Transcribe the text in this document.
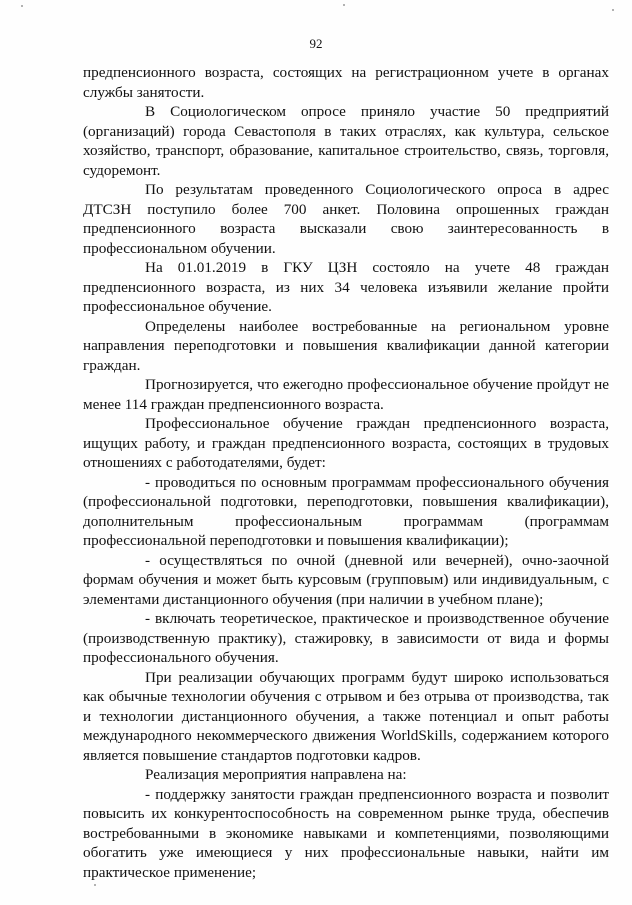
92

предпенсионного возраста, состоящих на регистрационном учете в органах службы занятости.

В Социологическом опросе приняло участие 50 предприятий (организаций) города Севастополя в таких отраслях, как культура, сельское хозяйство, транспорт, образование, капитальное строительство, связь, торговля, судоремонт.

По результатам проведенного Социологического опроса в адрес ДТСЗН поступило более 700 анкет. Половина опрошенных граждан предпенсионного возраста высказали свою заинтересованность в профессиональном обучении.

На 01.01.2019 в ГКУ ЦЗН состояло на учете 48 граждан предпенсионного возраста, из них 34 человека изъявили желание пройти профессиональное обучение.

Определены наиболее востребованные на региональном уровне направления переподготовки и повышения квалификации данной категории граждан.

Прогнозируется, что ежегодно профессиональное обучение пройдут не менее 114 граждан предпенсионного возраста.

Профессиональное обучение граждан предпенсионного возраста, ищущих работу, и граждан предпенсионного возраста, состоящих в трудовых отношениях с работодателями, будет:

- проводиться по основным программам профессионального обучения (профессиональной подготовки, переподготовки, повышения квалификации), дополнительным профессиональным программам (программам профессиональной переподготовки и повышения квалификации);

- осуществляться по очной (дневной или вечерней), очно-заочной формам обучения и может быть курсовым (групповым) или индивидуальным, с элементами дистанционного обучения (при наличии в учебном плане);

- включать теоретическое, практическое и производственное обучение (производственную практику), стажировку, в зависимости от вида и формы профессионального обучения.

При реализации обучающих программ будут широко использоваться как обычные технологии обучения с отрывом и без отрыва от производства, так и технологии дистанционного обучения, а также потенциал и опыт работы международного некоммерческого движения WorldSkills, содержанием которого является повышение стандартов подготовки кадров.

Реализация мероприятия направлена на:

- поддержку занятости граждан предпенсионного возраста и позволит повысить их конкурентоспособность на современном рынке труда, обеспечив востребованными в экономике навыками и компетенциями, позволяющими обогатить уже имеющиеся у них профессиональные навыки, найти им практическое применение;
